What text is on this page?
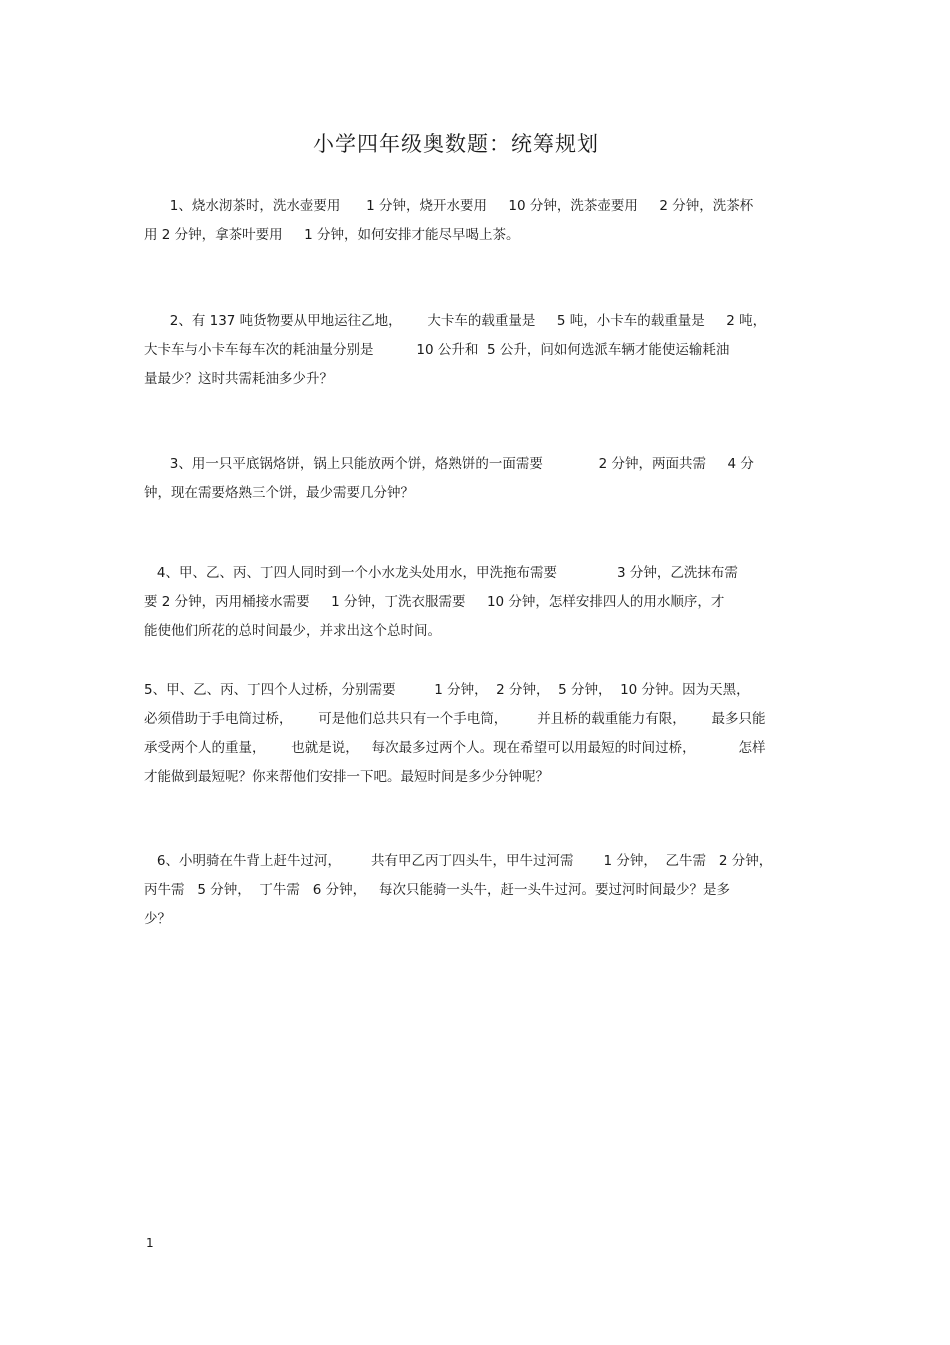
小学四年级奥数题：统筹规划
1、烧水沏茶时，洗水壶要用      1 分钟，烧开水要用     10 分钟，洗茶壶要用     2 分钟，洗茶杯
用 2 分钟，拿茶叶要用     1 分钟，如何安排才能尽早喝上茶。
2、有 137 吨货物要从甲地运往乙地，      大卡车的载重量是     5 吨，小卡车的载重量是     2 吨，
大卡车与小卡车每车次的耗油量分别是          10 公升和  5 公升，问如何选派车辆才能使运输耗油
量最少？这时共需耗油多少升？
3、用一只平底锅烙饼，锅上只能放两个饼，烙熟饼的一面需要             2 分钟，两面共需     4 分
钟，现在需要烙熟三个饼，最少需要几分钟？
4、甲、乙、丙、丁四人同时到一个小水龙头处用水，甲洗拖布需要              3 分钟，乙洗抹布需
要 2 分钟，丙用桶接水需要     1 分钟，丁洗衣服需要     10 分钟，怎样安排四人的用水顺序，才
能使他们所花的总时间最少，并求出这个总时间。
5、甲、乙、丙、丁四个人过桥，分别需要         1 分钟，  2 分钟，  5 分钟，  10 分钟。因为天黑，
必须借助于手电筒过桥，      可是他们总共只有一个手电筒，       并且桥的载重能力有限，      最多只能
承受两个人的重量，      也就是说，   每次最多过两个人。现在希望可以用最短的时间过桥，          怎样
才能做到最短呢？你来帮他们安排一下吧。最短时间是多少分钟呢？
6、小明骑在牛背上赶牛过河，       共有甲乙丙丁四头牛，甲牛过河需       1 分钟，  乙牛需   2 分钟，
丙牛需   5 分钟，  丁牛需   6 分钟，   每次只能骑一头牛，赶一头牛过河。要过河时间最少？是多
少？
1
